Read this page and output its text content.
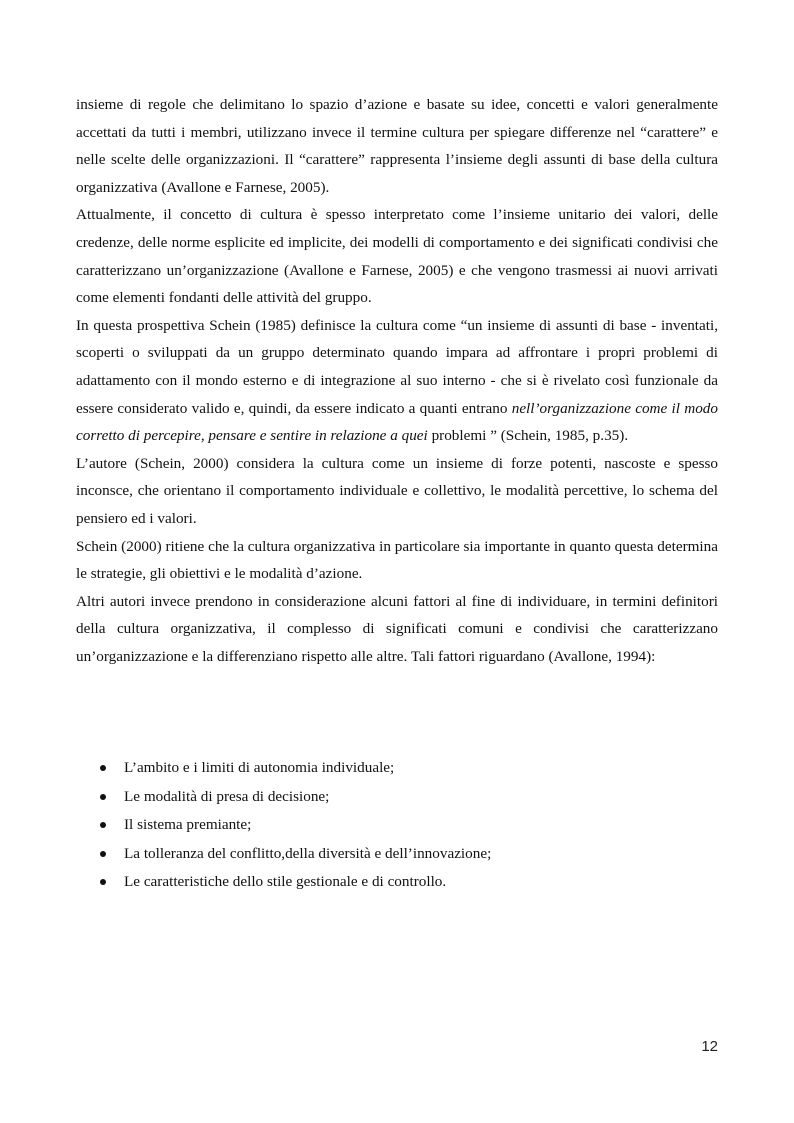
insieme di regole che delimitano lo spazio d’azione e basate su idee, concetti e valori generalmente accettati da tutti i membri, utilizzano invece il termine cultura per spiegare differenze nel “carattere” e nelle scelte delle organizzazioni. Il “carattere” rappresenta l’insieme degli assunti di base della cultura organizzativa (Avallone e Farnese, 2005).

Attualmente, il concetto di cultura è spesso interpretato come l’insieme unitario dei valori, delle credenze, delle norme esplicite ed implicite, dei modelli di comportamento e dei significati condivisi che caratterizzano un’organizzazione (Avallone e Farnese, 2005) e che vengono trasmessi ai nuovi arrivati come elementi fondanti delle attività del gruppo.

In questa prospettiva Schein (1985) definisce la cultura come “un insieme di assunti di base - inventati, scoperti o sviluppati da un gruppo determinato quando impara ad affrontare i propri problemi di adattamento con il mondo esterno e di integrazione al suo interno - che si è rivelato così funzionale da essere considerato valido e, quindi, da essere indicato a quanti entrano nell’organizzazione come il modo corretto di percepire, pensare e sentire in relazione a quei problemi ” (Schein, 1985, p.35).

L’autore (Schein, 2000) considera la cultura come un insieme di forze potenti, nascoste e spesso inconsce, che orientano il comportamento individuale e collettivo, le modalità percettive, lo schema del pensiero ed i valori.

Schein (2000) ritiene che la cultura organizzativa in particolare sia importante in quanto questa determina le strategie, gli obiettivi e le modalità d’azione.

Altri autori invece prendono in considerazione alcuni fattori al fine di individuare, in termini definitori della cultura organizzativa, il complesso di significati comuni e condivisi che caratterizzano un’organizzazione e la differenziano rispetto alle altre. Tali fattori riguardano (Avallone, 1994):

L’ambito e i limiti di autonomia individuale;
Le modalità di presa di decisione;
Il sistema premiante;
La tolleranza del conflitto,della diversità e dell’innovazione;
Le caratteristiche dello stile gestionale e di controllo.
12
